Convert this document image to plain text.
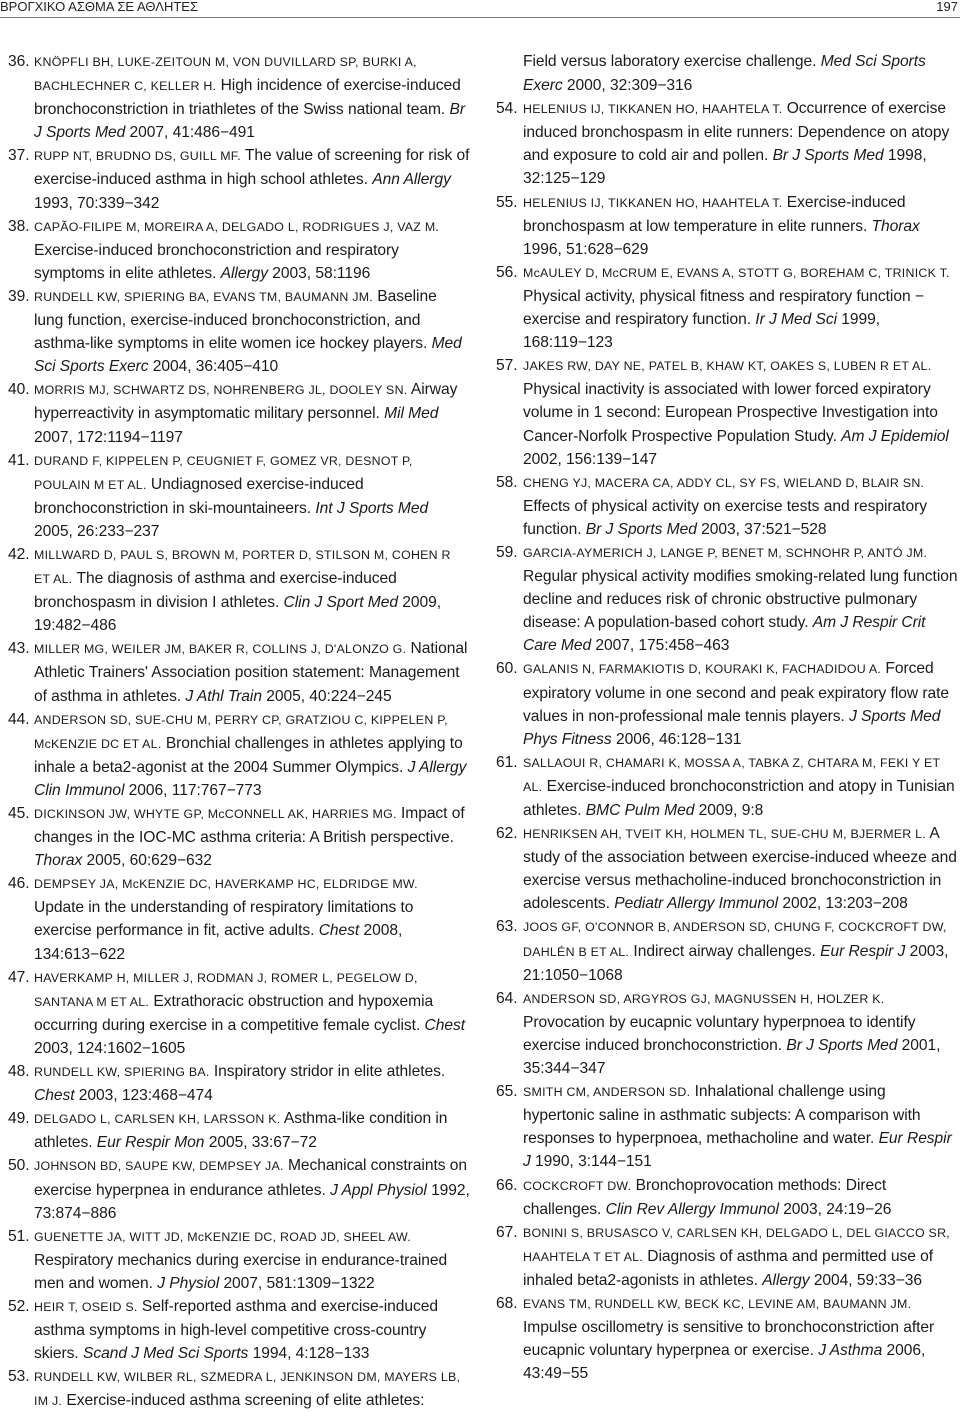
ΒΡΟΓΧΙΚΟ ΑΣΘΜΑ ΣΕ ΑΘΛΗΤΕΣ	197

36. KNÖPFLI BH, LUKE-ZEITOUN M, VON DUVILLARD SP, BURKI A, BACHLECHNER C, KELLER H. High incidence of exercise-induced bronchoconstriction in triathletes of the Swiss national team. Br J Sports Med 2007, 41:486−491

37. RUPP NT, BRUDNO DS, GUILL MF. The value of screening for risk of exercise-induced asthma in high school athletes. Ann Allergy 1993, 70:339−342

38. CAPÃO-FILIPE M, MOREIRA A, DELGADO L, RODRIGUES J, VAZ M. Exercise-induced bronchoconstriction and respiratory symptoms in elite athletes. Allergy 2003, 58:1196

39. RUNDELL KW, SPIERING BA, EVANS TM, BAUMANN JM. Baseline lung function, exercise-induced bronchoconstriction, and asthma-like symptoms in elite women ice hockey players. Med Sci Sports Exerc 2004, 36:405−410

40. MORRIS MJ, SCHWARTZ DS, NOHRENBERG JL, DOOLEY SN. Airway hyperreactivity in asymptomatic military personnel. Mil Med 2007, 172:1194−1197

41. DURAND F, KIPPELEN P, CEUGNIET F, GOMEZ VR, DESNOT P, POULAIN M ET AL. Undiagnosed exercise-induced bronchoconstriction in ski-mountaineers. Int J Sports Med 2005, 26:233−237

42. MILLWARD D, PAUL S, BROWN M, PORTER D, STILSON M, COHEN R ET AL. The diagnosis of asthma and exercise-induced bronchospasm in division I athletes. Clin J Sport Med 2009, 19:482−486

43. MILLER MG, WEILER JM, BAKER R, COLLINS J, D'ALONZO G. National Athletic Trainers' Association position statement: Management of asthma in athletes. J Athl Train 2005, 40:224−245

44. ANDERSON SD, SUE-CHU M, PERRY CP, GRATZIOU C, KIPPELEN P, McKENZIE DC ET AL. Bronchial challenges in athletes applying to inhale a beta2-agonist at the 2004 Summer Olympics. J Allergy Clin Immunol 2006, 117:767−773

45. DICKINSON JW, WHYTE GP, McCONNELL AK, HARRIES MG. Impact of changes in the IOC-MC asthma criteria: A British perspective. Thorax 2005, 60:629−632

46. DEMPSEY JA, McKENZIE DC, HAVERKAMP HC, ELDRIDGE MW. Update in the understanding of respiratory limitations to exercise performance in fit, active adults. Chest 2008, 134:613−622

47. HAVERKAMP H, MILLER J, RODMAN J, ROMER L, PEGELOW D, SANTANA M ET AL. Extrathoracic obstruction and hypoxemia occurring during exercise in a competitive female cyclist. Chest 2003, 124:1602−1605

48. RUNDELL KW, SPIERING BA. Inspiratory stridor in elite athletes. Chest 2003, 123:468−474

49. DELGADO L, CARLSEN KH, LARSSON K. Asthma-like condition in athletes. Eur Respir Mon 2005, 33:67−72

50. JOHNSON BD, SAUPE KW, DEMPSEY JA. Mechanical constraints on exercise hyperpnea in endurance athletes. J Appl Physiol 1992, 73:874−886

51. GUENETTE JA, WITT JD, McKENZIE DC, ROAD JD, SHEEL AW. Respiratory mechanics during exercise in endurance-trained men and women. J Physiol 2007, 581:1309−1322

52. HEIR T, OSEID S. Self-reported asthma and exercise-induced asthma symptoms in high-level competitive cross-country skiers. Scand J Med Sci Sports 1994, 4:128−133

53. RUNDELL KW, WILBER RL, SZMEDRA L, JENKINSON DM, MAYERS LB, IM J. Exercise-induced asthma screening of elite athletes:

Field versus laboratory exercise challenge. Med Sci Sports Exerc 2000, 32:309−316

54. HELENIUS IJ, TIKKANEN HO, HAAHTELA T. Occurrence of exercise induced bronchospasm in elite runners: Dependence on atopy and exposure to cold air and pollen. Br J Sports Med 1998, 32:125−129

55. HELENIUS IJ, TIKKANEN HO, HAAHTELA T. Exercise-induced bronchospasm at low temperature in elite runners. Thorax 1996, 51:628−629

56. McAULEY D, McCRUM E, EVANS A, STOTT G, BOREHAM C, TRINICK T. Physical activity, physical fitness and respiratory function − exercise and respiratory function. Ir J Med Sci 1999, 168:119−123

57. JAKES RW, DAY NE, PATEL B, KHAW KT, OAKES S, LUBEN R ET AL. Physical inactivity is associated with lower forced expiratory volume in 1 second: European Prospective Investigation into Cancer-Norfolk Prospective Population Study. Am J Epidemiol 2002, 156:139−147

58. CHENG YJ, MACERA CA, ADDY CL, SY FS, WIELAND D, BLAIR SN. Effects of physical activity on exercise tests and respiratory function. Br J Sports Med 2003, 37:521−528

59. GARCIA-AYMERICH J, LANGE P, BENET M, SCHNOHR P, ANTÓ JM. Regular physical activity modifies smoking-related lung function decline and reduces risk of chronic obstructive pulmonary disease: A population-based cohort study. Am J Respir Crit Care Med 2007, 175:458−463

60. GALANIS N, FARMAKIOTIS D, KOURAKI K, FACHADIDOU A. Forced expiratory volume in one second and peak expiratory flow rate values in non-professional male tennis players. J Sports Med Phys Fitness 2006, 46:128−131

61. SALLAOUI R, CHAMARI K, MOSSA A, TABKA Z, CHTARA M, FEKI Y ET AL. Exercise-induced bronchoconstriction and atopy in Tunisian athletes. BMC Pulm Med 2009, 9:8

62. HENRIKSEN AH, TVEIT KH, HOLMEN TL, SUE-CHU M, BJERMER L. A study of the association between exercise-induced wheeze and exercise versus methacholine-induced bronchoconstriction in adolescents. Pediatr Allergy Immunol 2002, 13:203−208

63. JOOS GF, O'CONNOR B, ANDERSON SD, CHUNG F, COCKCROFT DW, DAHLÉN B ET AL. Indirect airway challenges. Eur Respir J 2003, 21:1050−1068

64. ANDERSON SD, ARGYROS GJ, MAGNUSSEN H, HOLZER K. Provocation by eucapnic voluntary hyperpnoea to identify exercise induced bronchoconstriction. Br J Sports Med 2001, 35:344−347

65. SMITH CM, ANDERSON SD. Inhalational challenge using hypertonic saline in asthmatic subjects: A comparison with responses to hyperpnoea, methacholine and water. Eur Respir J 1990, 3:144−151

66. COCKCROFT DW. Bronchoprovocation methods: Direct challenges. Clin Rev Allergy Immunol 2003, 24:19−26

67. BONINI S, BRUSASCO V, CARLSEN KH, DELGADO L, DEL GIACCO SR, HAAHTELA T ET AL. Diagnosis of asthma and permitted use of inhaled beta2-agonists in athletes. Allergy 2004, 59:33−36

68. EVANS TM, RUNDELL KW, BECK KC, LEVINE AM, BAUMANN JM. Impulse oscillometry is sensitive to bronchoconstriction after eucapnic voluntary hyperpnea or exercise. J Asthma 2006, 43:49−55
